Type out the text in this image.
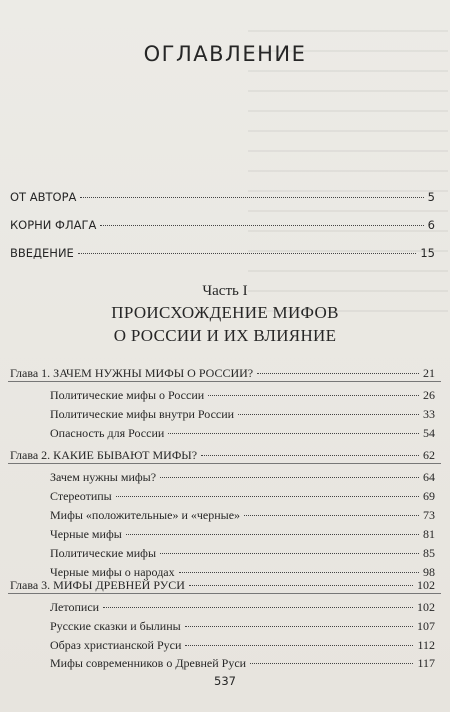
ОГЛАВЛЕНИЕ
ОТ АВТОРА	5
КОРНИ ФЛАГА	6
ВВЕДЕНИЕ	15
Часть I
ПРОИСХОЖДЕНИЕ МИФОВ
О РОССИИ И ИХ ВЛИЯНИЕ
Глава 1. ЗАЧЕМ НУЖНЫ МИФЫ О РОССИИ?	21
Политические мифы о России	26
Политические мифы внутри России	33
Опасность для России	54
Глава 2. КАКИЕ БЫВАЮТ МИФЫ?	62
Зачем нужны мифы?	64
Стереотипы	69
Мифы «положительные» и «черные»	73
Черные мифы	81
Политические мифы	85
Черные мифы о народах	98
Глава 3. МИФЫ ДРЕВНЕЙ РУСИ	102
Летописи	102
Русские сказки и былины	107
Образ христианской Руси	112
Мифы современников о Древней Руси	117
537
